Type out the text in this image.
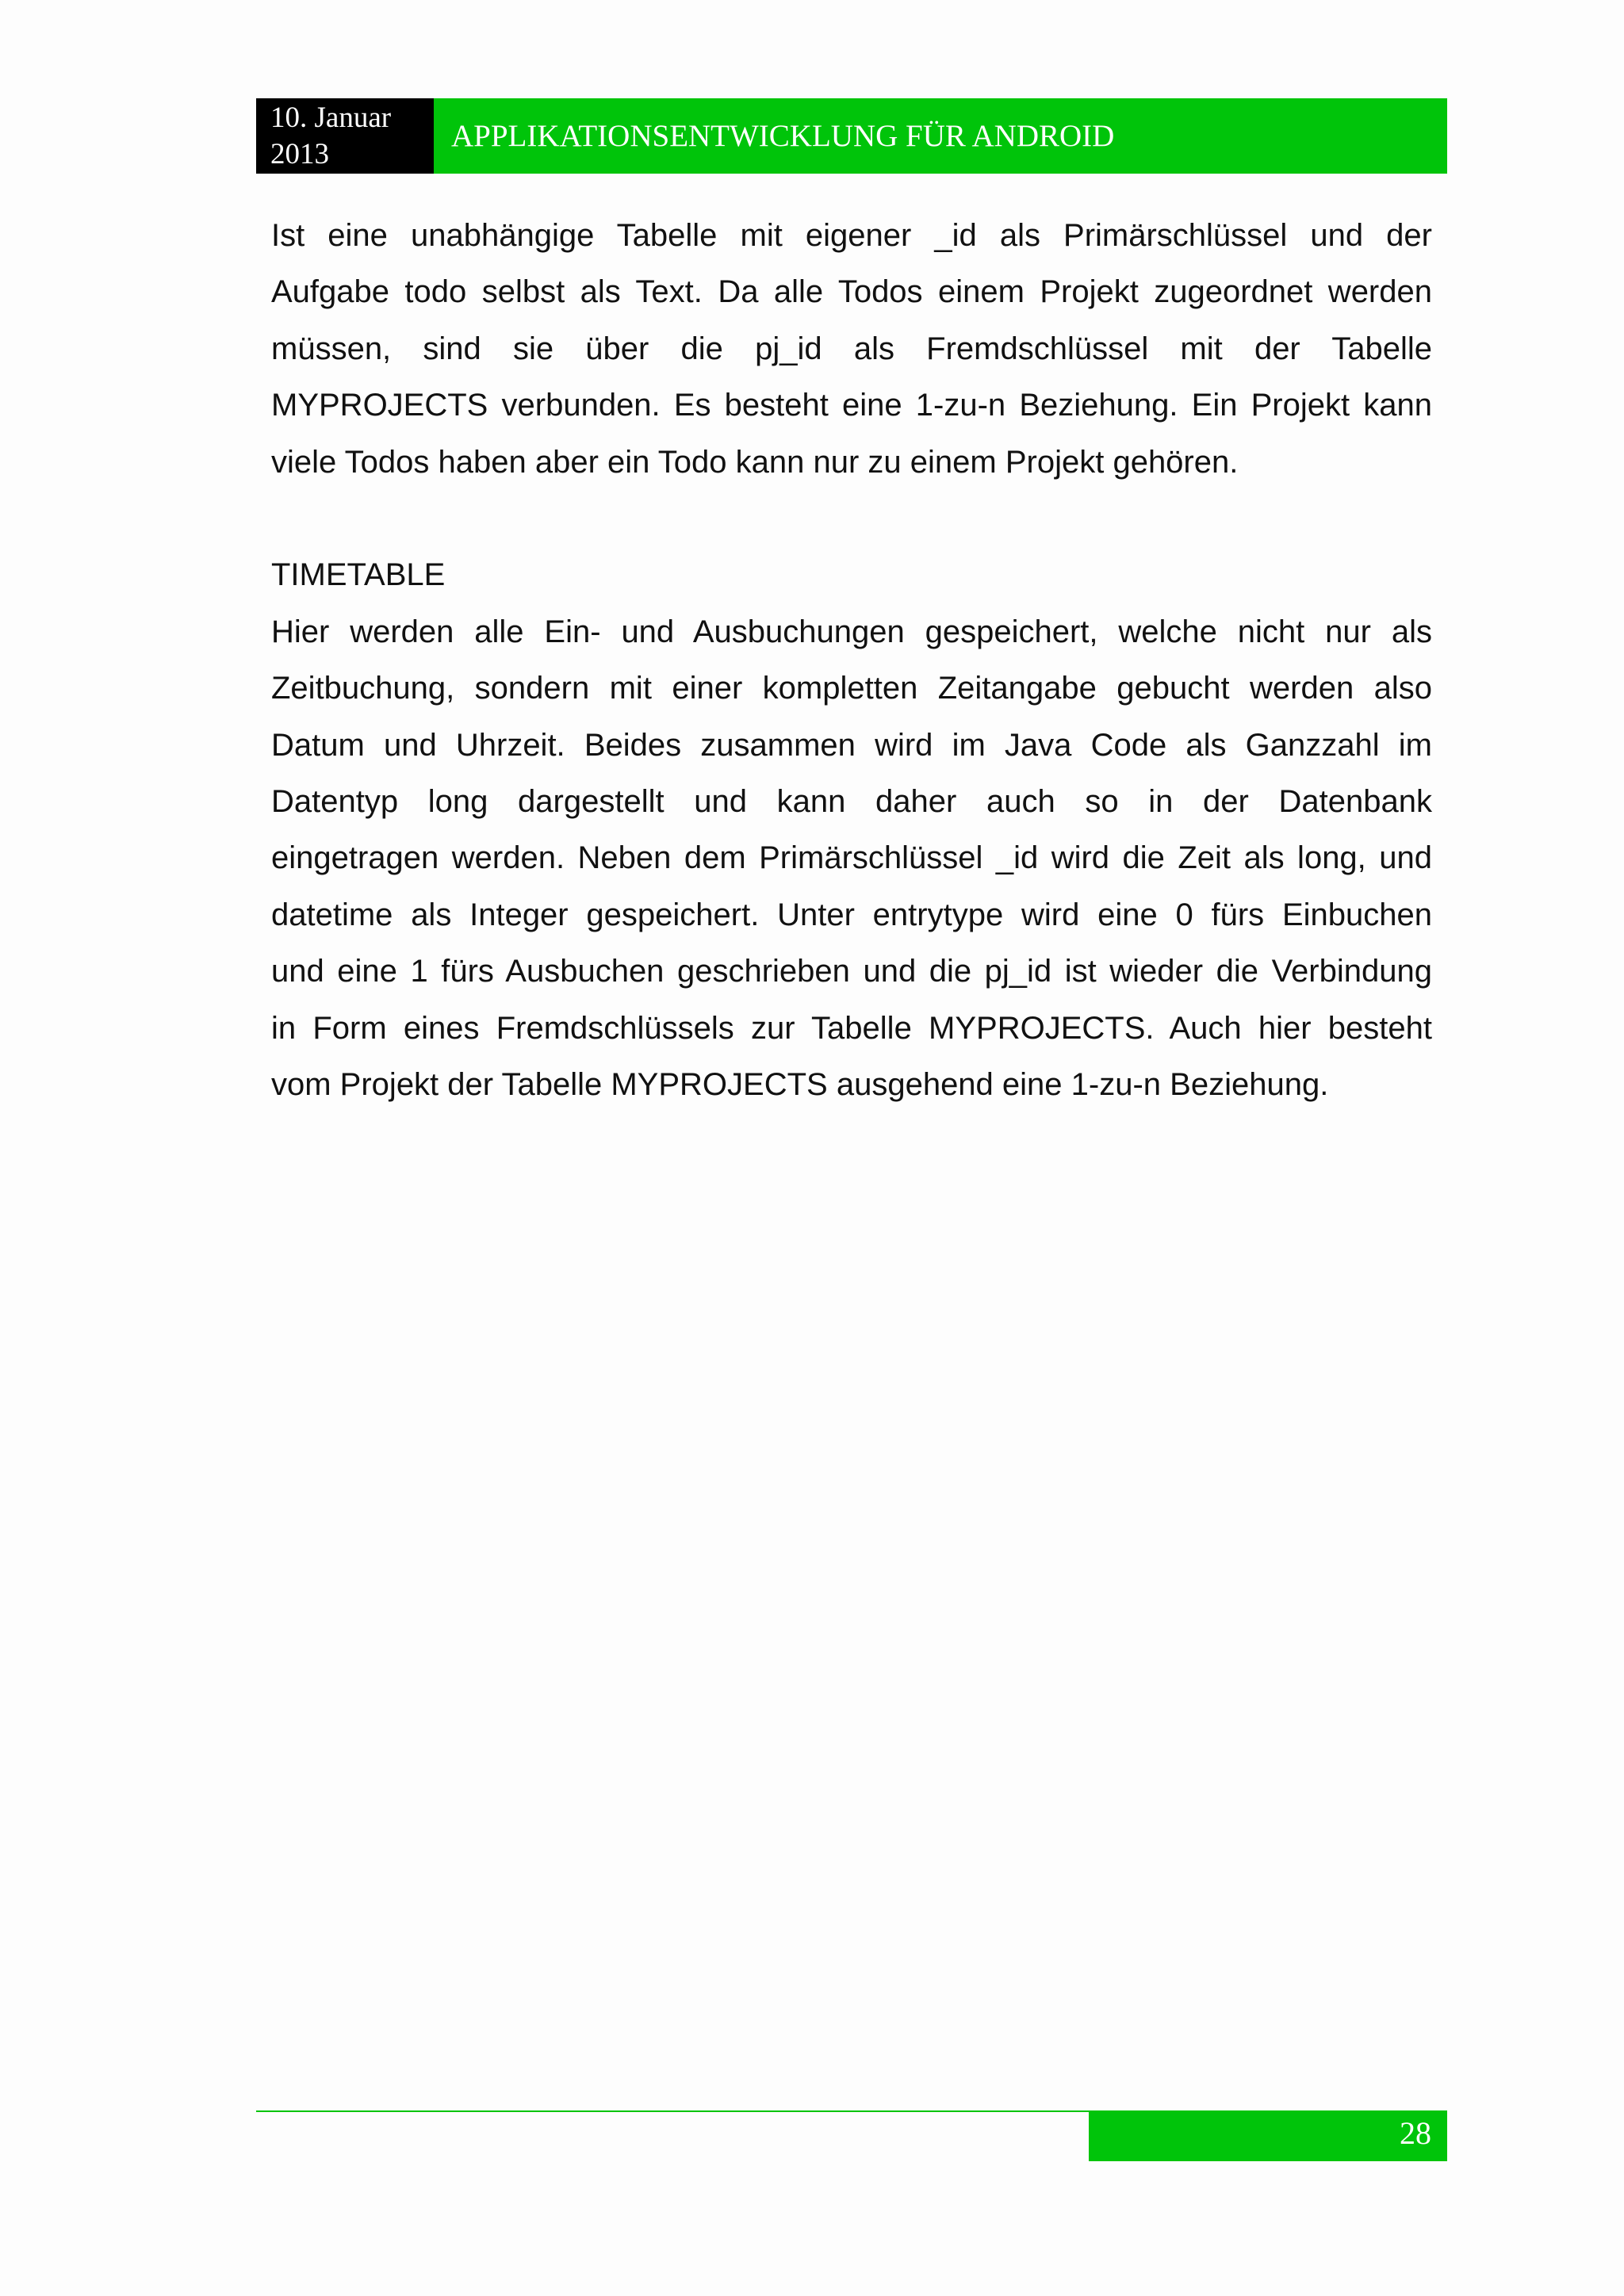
10. Januar
2013
APPLIKATIONSENTWICKLUNG FÜR ANDROID

Ist eine unabhängige Tabelle mit eigener _id als Primärschlüssel und der
Aufgabe todo selbst als Text. Da alle Todos einem Projekt zugeordnet werden
müssen, sind sie über die pj_id als Fremdschlüssel mit der Tabelle
MYPROJECTS verbunden. Es besteht eine 1-zu-n Beziehung. Ein Projekt kann
viele Todos haben aber ein Todo kann nur zu einem Projekt gehören.

TIMETABLE

Hier werden alle Ein- und Ausbuchungen gespeichert, welche nicht nur als
Zeitbuchung, sondern mit einer kompletten Zeitangabe gebucht werden also
Datum und Uhrzeit. Beides zusammen wird im Java Code als Ganzzahl im
Datentyp long dargestellt und kann daher auch so in der Datenbank
eingetragen werden. Neben dem Primärschlüssel _id wird die Zeit als long, und
datetime als Integer gespeichert. Unter entrytype wird eine 0 fürs Einbuchen
und eine 1 fürs Ausbuchen geschrieben und die pj_id ist wieder die Verbindung
in Form eines Fremdschlüssels zur Tabelle MYPROJECTS. Auch hier besteht
vom Projekt der Tabelle MYPROJECTS ausgehend eine 1-zu-n Beziehung.

28
